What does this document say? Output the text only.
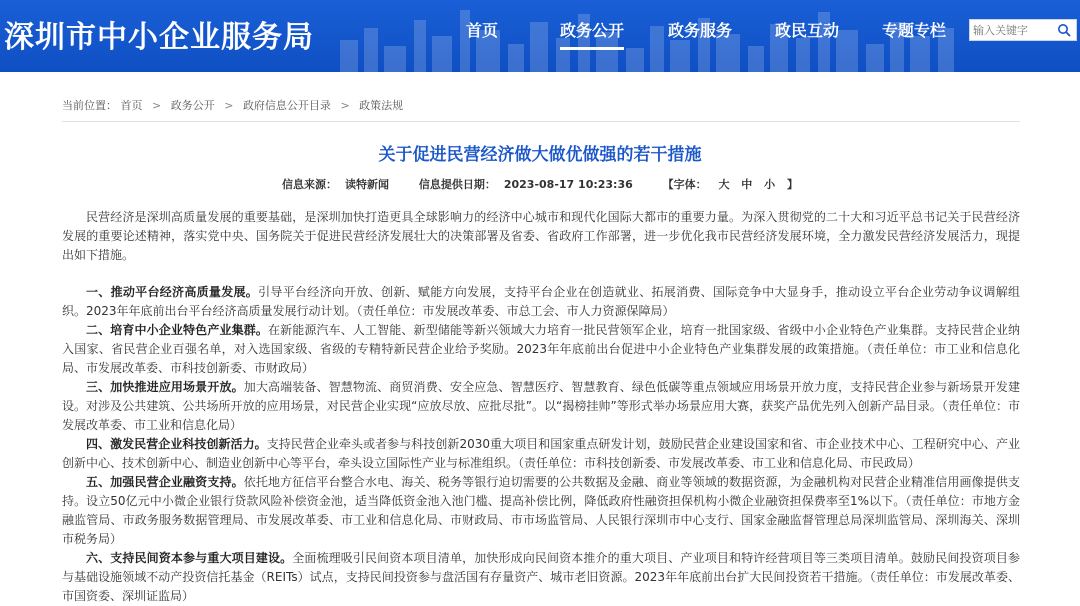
深圳市中小企业服务局	首页	政务公开	政务服务	政民互动	专题专栏
输入关键字
当前位置： 首页 > 政务公开 > 政府信息公开目录 > 政策法规
关于促进民营经济做大做优做强的若干措施
信息来源： 读特新闻	信息提供日期： 2023-08-17 10:23:36	【字体： 大 中 小 】

民营经济是深圳高质量发展的重要基础，是深圳加快打造更具全球影响力的经济中心城市和现代化国际大都市的重要力量。为深入贯彻党的二十大和习近平总书记关于民营经济发展的重要论述精神，落实党中央、国务院关于促进民营经济发展壮大的决策部署及省委、省政府工作部署，进一步优化我市民营经济发展环境，全力激发民营经济发展活力，现提出如下措施。

一、推动平台经济高质量发展。引导平台经济向开放、创新、赋能方向发展，支持平台企业在创造就业、拓展消费、国际竞争中大显身手，推动设立平台企业劳动争议调解组织。2023年年底前出台平台经济高质量发展行动计划。（责任单位：市发展改革委、市总工会、市人力资源保障局）

二、培育中小企业特色产业集群。在新能源汽车、人工智能、新型储能等新兴领域大力培育一批民营领军企业，培育一批国家级、省级中小企业特色产业集群。支持民营企业纳入国家、省民营企业百强名单，对入选国家级、省级的专精特新民营企业给予奖励。2023年年底前出台促进中小企业特色产业集群发展的政策措施。（责任单位：市工业和信息化局、市发展改革委、市科技创新委、市财政局）

三、加快推进应用场景开放。加大高端装备、智慧物流、商贸消费、安全应急、智慧医疗、智慧教育、绿色低碳等重点领域应用场景开放力度，支持民营企业参与新场景开发建设。对涉及公共建筑、公共场所开放的应用场景，对民营企业实现“应放尽放、应批尽批”。以“揭榜挂帅”等形式举办场景应用大赛，获奖产品优先列入创新产品目录。（责任单位：市发展改革委、市工业和信息化局）

四、激发民营企业科技创新活力。支持民营企业牵头或者参与科技创新2030重大项目和国家重点研发计划，鼓励民营企业建设国家和省、市企业技术中心、工程研究中心、产业创新中心、技术创新中心、制造业创新中心等平台，牵头设立国际性产业与标准组织。（责任单位：市科技创新委、市发展改革委、市工业和信息化局、市民政局）

五、加强民营企业融资支持。依托地方征信平台整合水电、海关、税务等银行迫切需要的公共数据及金融、商业等领域的数据资源，为金融机构对民营企业精准信用画像提供支持。设立50亿元中小微企业银行贷款风险补偿资金池，适当降低资金池入池门槛、提高补偿比例，降低政府性融资担保机构小微企业融资担保费率至1%以下。（责任单位：市地方金融监管局、市政务服务数据管理局、市发展改革委、市工业和信息化局、市财政局、市市场监管局、人民银行深圳市中心支行、国家金融监督管理总局深圳监管局、深圳海关、深圳市税务局）

六、支持民间资本参与重大项目建设。全面梳理吸引民间资本项目清单，加快形成向民间资本推介的重大项目、产业项目和特许经营项目等三类项目清单。鼓励民间投资项目参与基础设施领域不动产投资信托基金（REITs）试点，支持民间投资参与盘活国有存量资产、城市老旧资源。2023年年底前出台扩大民间投资若干措施。（责任单位：市发展改革委、市国资委、深圳证监局）
